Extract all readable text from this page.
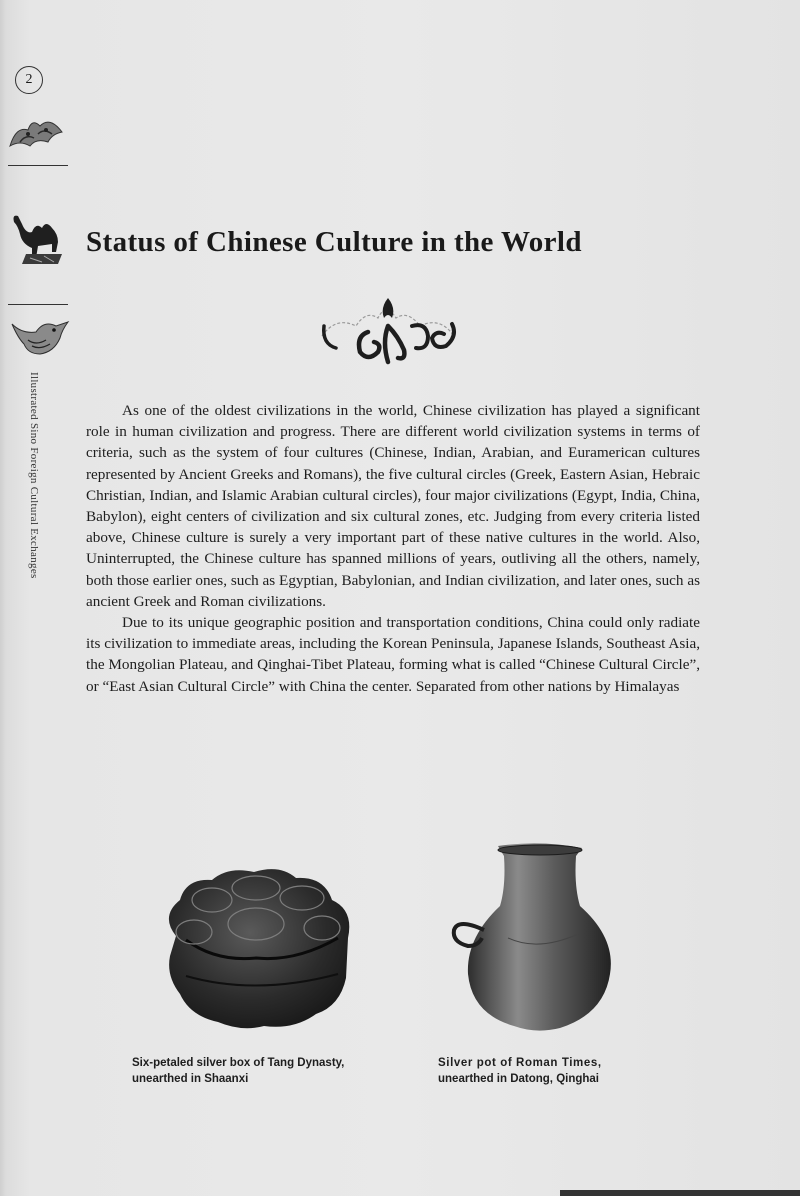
2
Illustrated Sino Foreign Cultural Exchanges
Status of Chinese Culture in the World

As one of the oldest civilizations in the world, Chinese civilization has played a significant role in human civilization and progress. There are different world civilization systems in terms of criteria, such as the system of four cultures (Chinese, Indian, Arabian, and Euramerican cultures represented by Ancient Greeks and Romans), the five cultural circles (Greek, Eastern Asian, Hebraic Christian, Indian, and Islamic Arabian cultural circles), four major civilizations (Egypt, India, China, Babylon), eight centers of civilization and six cultural zones, etc. Judging from every criteria listed above, Chinese culture is surely a very important part of these native cultures in the world. Also, Uninterrupted, the Chinese culture has spanned millions of years, outliving all the others, namely, both those earlier ones, such as Egyptian, Babylonian, and Indian civilization, and later ones, such as ancient Greek and Roman civilizations.

Due to its unique geographic position and transportation conditions, China could only radiate its civilization to immediate areas, including the Korean Peninsula, Japanese Islands, Southeast Asia, the Mongolian Plateau, and Qinghai-Tibet Plateau, forming what is called “Chinese Cultural Circle”, or “East Asian Cultural Circle” with China the center. Separated from other nations by Himalayas

Six-petaled silver box of Tang Dynasty,
unearthed in Shaanxi
Silver pot of Roman Times,
unearthed in Datong, Qinghai
